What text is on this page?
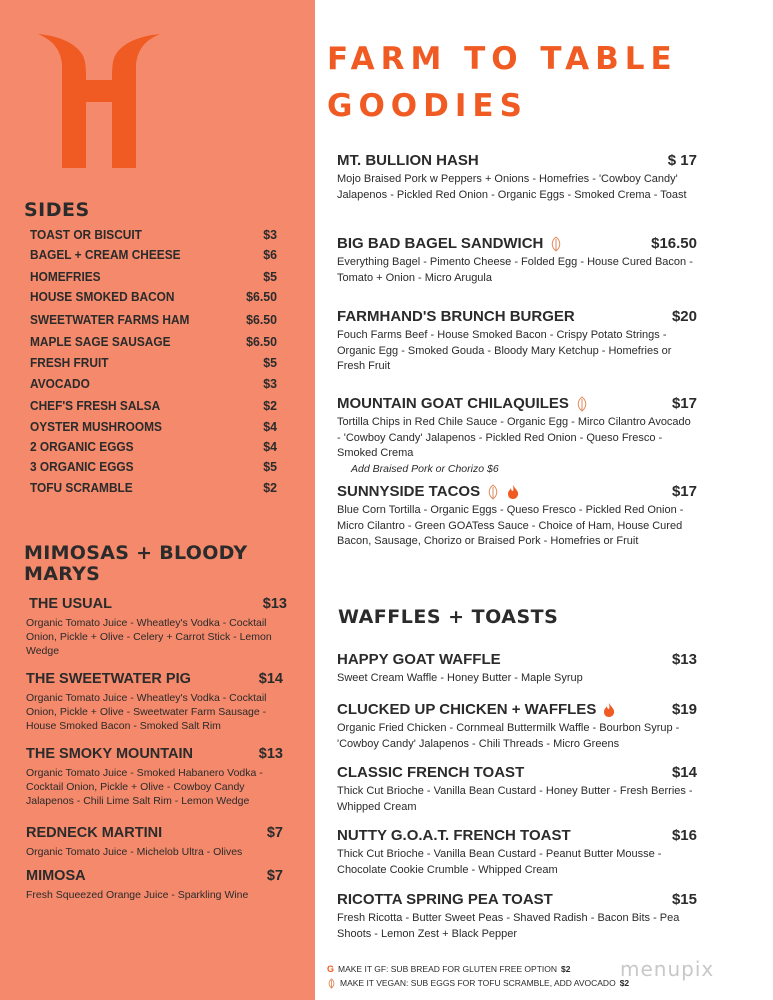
SIDES
TOAST OR BISCUIT	$3
BAGEL + CREAM CHEESE	$6
HOMEFRIES	$5
HOUSE SMOKED BACON	$6.50
SWEETWATER FARMS HAM	$6.50
MAPLE SAGE SAUSAGE	$6.50
FRESH FRUIT	$5
AVOCADO	$3
CHEF'S FRESH SALSA	$2
OYSTER MUSHROOMS	$4
2 ORGANIC EGGS	$4
3 ORGANIC EGGS	$5
TOFU SCRAMBLE	$2
MIMOSAS + BLOODY MARYS
THE USUAL	$13
Organic Tomato Juice - Wheatley's Vodka - Cocktail Onion, Pickle + Olive - Celery + Carrot Stick - Lemon Wedge
THE SWEETWATER PIG	$14
Organic Tomato Juice - Wheatley's Vodka - Cocktail Onion, Pickle + Olive - Sweetwater Farm Sausage - House Smoked Bacon - Smoked Salt Rim
THE SMOKY MOUNTAIN	$13
Organic Tomato Juice - Smoked Habanero Vodka - Cocktail Onion, Pickle + Olive - Cowboy Candy Jalapenos - Chili Lime Salt Rim - Lemon Wedge
REDNECK MARTINI	$7
Organic Tomato Juice - Michelob Ultra - Olives
MIMOSA	$7
Fresh Squeezed Orange Juice - Sparkling Wine
FARM TO TABLE
GOODIES
MT. BULLION HASH	$ 17
Mojo Braised Pork w Peppers + Onions - Homefries - 'Cowboy Candy' Jalapenos - Pickled Red Onion - Organic Eggs - Smoked Crema - Toast
BIG BAD BAGEL SANDWICH	$16.50
Everything Bagel - Pimento Cheese - Folded Egg - House Cured Bacon - Tomato + Onion - Micro Arugula
FARMHAND'S BRUNCH BURGER	$20
Fouch Farms Beef - House Smoked Bacon - Crispy Potato Strings - Organic Egg - Smoked Gouda - Bloody Mary Ketchup - Homefries or Fresh Fruit
MOUNTAIN GOAT CHILAQUILES	$17
Tortilla Chips in Red Chile Sauce - Organic Egg - Mirco Cilantro Avocado - 'Cowboy Candy' Jalapenos - Pickled Red Onion - Queso Fresco - Smoked Crema
Add Braised Pork or Chorizo $6
SUNNYSIDE TACOS	$17
Blue Corn Tortilla - Organic Eggs - Queso Fresco - Pickled Red Onion - Micro Cilantro - Green GOATess Sauce - Choice of Ham, House Cured Bacon, Sausage, Chorizo or Braised Pork - Homefries or Fruit
WAFFLES + TOASTS
HAPPY GOAT WAFFLE	$13
Sweet Cream Waffle - Honey Butter - Maple Syrup
CLUCKED UP CHICKEN + WAFFLES	$19
Organic Fried Chicken - Cornmeal Buttermilk Waffle - Bourbon Syrup - 'Cowboy Candy' Jalapenos - Chili Threads - Micro Greens
CLASSIC FRENCH TOAST	$14
Thick Cut Brioche - Vanilla Bean Custard - Honey Butter - Fresh Berries - Whipped Cream
NUTTY G.O.A.T. FRENCH TOAST	$16
Thick Cut Brioche - Vanilla Bean Custard - Peanut Butter Mousse - Chocolate Cookie Crumble - Whipped Cream
RICOTTA SPRING PEA TOAST	$15
Fresh Ricotta - Butter Sweet Peas - Shaved Radish - Bacon Bits - Pea Shoots - Lemon Zest + Black Pepper
G MAKE IT GF: SUB BREAD FOR GLUTEN FREE OPTION $2
MAKE IT VEGAN: SUB EGGS FOR TOFU SCRAMBLE, ADD AVOCADO $2
menupix
